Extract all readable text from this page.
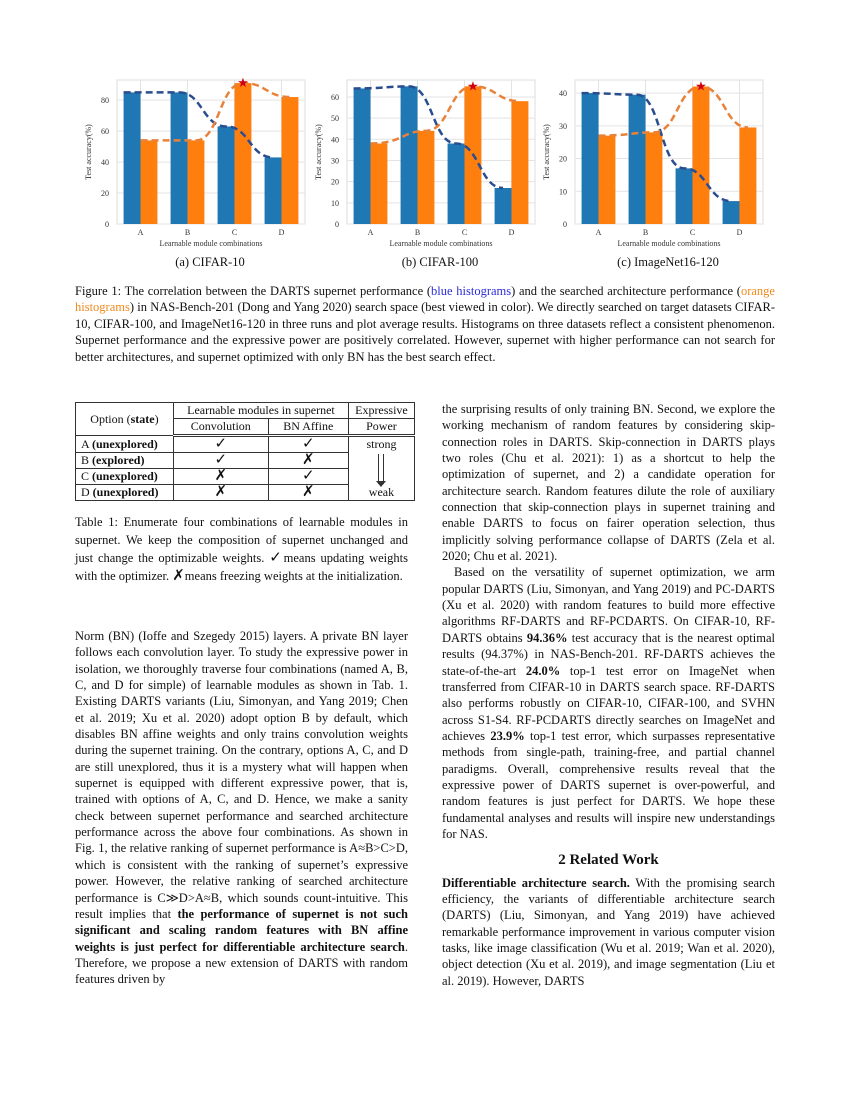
0
20
40
60
80
★
A	B	C	D
Learnable module combinations
Test accuracy(%)
0
10
20
30
40
50
60
★
A	B	C	D
Learnable module combinations
Test accuracy(%)
0
10
20
30
40
★
A	B	C	D
Learnable module combinations
Test accuracy(%)
(a) CIFAR-10	(b) CIFAR-100	(c) ImageNet16-120
Figure 1: The correlation between the DARTS supernet performance (blue histograms) and the searched architecture performance (orange histograms) in NAS-Bench-201 (Dong and Yang 2020) search space (best viewed in color). We directly searched on target datasets CIFAR-10, CIFAR-100, and ImageNet16-120 in three runs and plot average results. Histograms on three datasets reflect a consistent phenomenon. Supernet performance and the expressive power are positively correlated. However, supernet with higher performance can not search for better architectures, and supernet optimized with only BN has the best search effect.
Option (state)	Learnable modules in supernet		Expressive
	Convolution	BN Affine	Power
A (unexplored)	✓	✓	strong
weak

B (explored)	✓	✗	
C (unexplored)	✗	✓	
D (unexplored)	✗	✗	
Table 1: Enumerate four combinations of learnable modules in supernet. We keep the composition of supernet unchanged and just change the optimizable weights. ✓means updating weights with the optimizer. ✗means freezing weights at the initialization.

Norm (BN) (Ioffe and Szegedy 2015) layers. A private BN layer follows each convolution layer. To study the expressive power in isolation, we thoroughly traverse four combinations (named A, B, C, and D for simple) of learnable modules as shown in Tab. 1. Existing DARTS variants (Liu, Simonyan, and Yang 2019; Chen et al. 2019; Xu et al. 2020) adopt option B by default, which disables BN affine weights and only trains convolution weights during the supernet training. On the contrary, options A, C, and D are still unexplored, thus it is a mystery what will happen when supernet is equipped with different expressive power, that is, trained with options of A, C, and D. Hence, we make a sanity check between supernet performance and searched architecture performance across the above four combinations. As shown in Fig. 1, the relative ranking of supernet performance is A≈B>C>D, which is consistent with the ranking of supernet’s expressive power. However, the relative ranking of searched architecture performance is C≫D>A≈B, which sounds count-intuitive. This result implies that the performance of supernet is not such significant and scaling random features with BN affine weights is just perfect for differentiable architecture search. Therefore, we propose a new extension of DARTS with random features driven by

the surprising results of only training BN. Second, we explore the working mechanism of random features by considering skip-connection roles in DARTS. Skip-connection in DARTS plays two roles (Chu et al. 2021): 1) as a shortcut to help the optimization of supernet, and 2) a candidate operation for architecture search. Random features dilute the role of auxiliary connection that skip-connection plays in supernet training and enable DARTS to focus on fairer operation selection, thus implicitly solving performance collapse of DARTS (Zela et al. 2020; Chu et al. 2021).

Based on the versatility of supernet optimization, we arm popular DARTS (Liu, Simonyan, and Yang 2019) and PC-DARTS (Xu et al. 2020) with random features to build more effective algorithms RF-DARTS and RF-PCDARTS. On CIFAR-10, RF-DARTS obtains 94.36% test accuracy that is the nearest optimal results (94.37%) in NAS-Bench-201. RF-DARTS achieves the state-of-the-art 24.0% top-1 test error on ImageNet when transferred from CIFAR-10 in DARTS search space. RF-DARTS also performs robustly on CIFAR-10, CIFAR-100, and SVHN across S1-S4. RF-PCDARTS directly searches on ImageNet and achieves 23.9% top-1 test error, which surpasses representative methods from single-path, training-free, and partial channel paradigms. Overall, comprehensive results reveal that the expressive power of DARTS supernet is over-powerful, and random features is just perfect for DARTS. We hope these fundamental analyses and results will inspire new understandings for NAS.

2 Related Work

Differentiable architecture search. With the promising search efficiency, the variants of differentiable architecture search (DARTS) (Liu, Simonyan, and Yang 2019) have achieved remarkable performance improvement in various computer vision tasks, like image classification (Wu et al. 2019; Wan et al. 2020), object detection (Xu et al. 2019), and image segmentation (Liu et al. 2019). However, DARTS
